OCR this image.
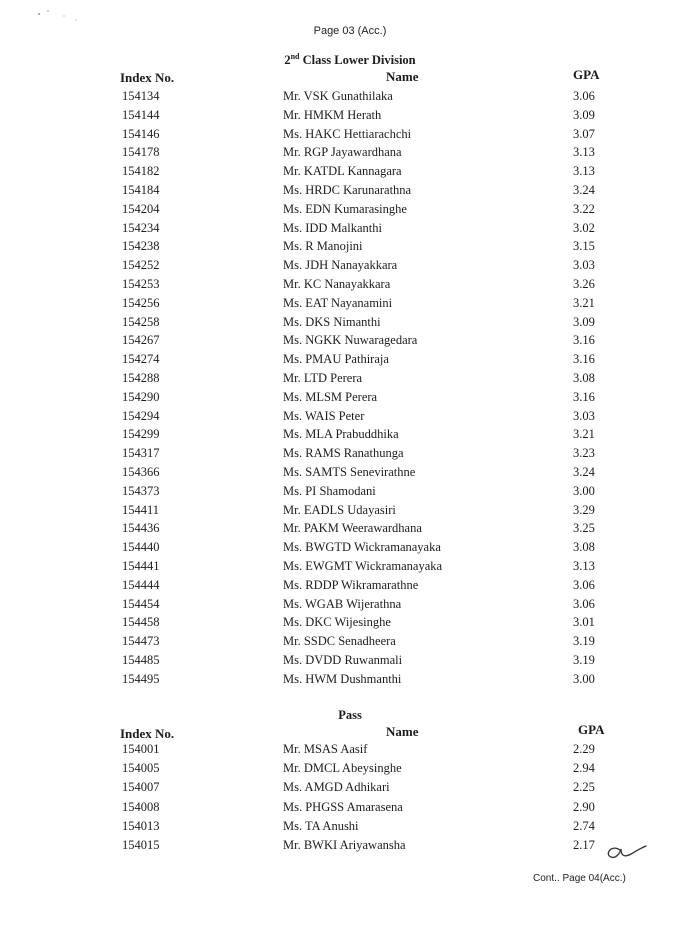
Page 03 (Acc.)
2nd Class Lower Division
Index No.	Name	GPA
154134	Mr. VSK Gunathilaka	3.06
154144	Mr. HMKM Herath	3.09
154146	Ms. HAKC Hettiarachchi	3.07
154178	Mr. RGP Jayawardhana	3.13
154182	Mr. KATDL Kannagara	3.13
154184	Ms. HRDC Karunarathna	3.24
154204	Ms. EDN Kumarasinghe	3.22
154234	Ms. IDD Malkanthi	3.02
154238	Ms. R Manojini	3.15
154252	Ms. JDH Nanayakkara	3.03
154253	Mr. KC Nanayakkara	3.26
154256	Ms. EAT Nayanamini	3.21
154258	Ms. DKS Nimanthi	3.09
154267	Ms. NGKK Nuwaragedara	3.16
154274	Ms. PMAU Pathiraja	3.16
154288	Mr. LTD Perera	3.08
154290	Ms. MLSM Perera	3.16
154294	Ms. WAIS Peter	3.03
154299	Ms. MLA Prabuddhika	3.21
154317	Ms. RAMS Ranathunga	3.23
154366	Ms. SAMTS Senevirathne	3.24
154373	Ms. PI Shamodani	3.00
154411	Mr. EADLS Udayasiri	3.29
154436	Mr. PAKM Weerawardhana	3.25
154440	Ms. BWGTD Wickramanayaka	3.08
154441	Ms. EWGMT Wickramanayaka	3.13
154444	Ms. RDDP Wikramarathne	3.06
154454	Ms. WGAB Wijerathna	3.06
154458	Ms. DKC Wijesinghe	3.01
154473	Mr. SSDC Senadheera	3.19
154485	Ms. DVDD Ruwanmali	3.19
154495	Ms. HWM Dushmanthi	3.00
Pass
Index No.	Name	GPA
154001	Mr. MSAS Aasif	2.29
154005	Mr. DMCL Abeysinghe	2.94
154007	Ms. AMGD Adhikari	2.25
154008	Ms. PHGSS Amarasena	2.90
154013	Ms. TA Anushi	2.74
154015	Mr. BWKI Ariyawansha	2.17
Cont.. Page 04(Acc.)
